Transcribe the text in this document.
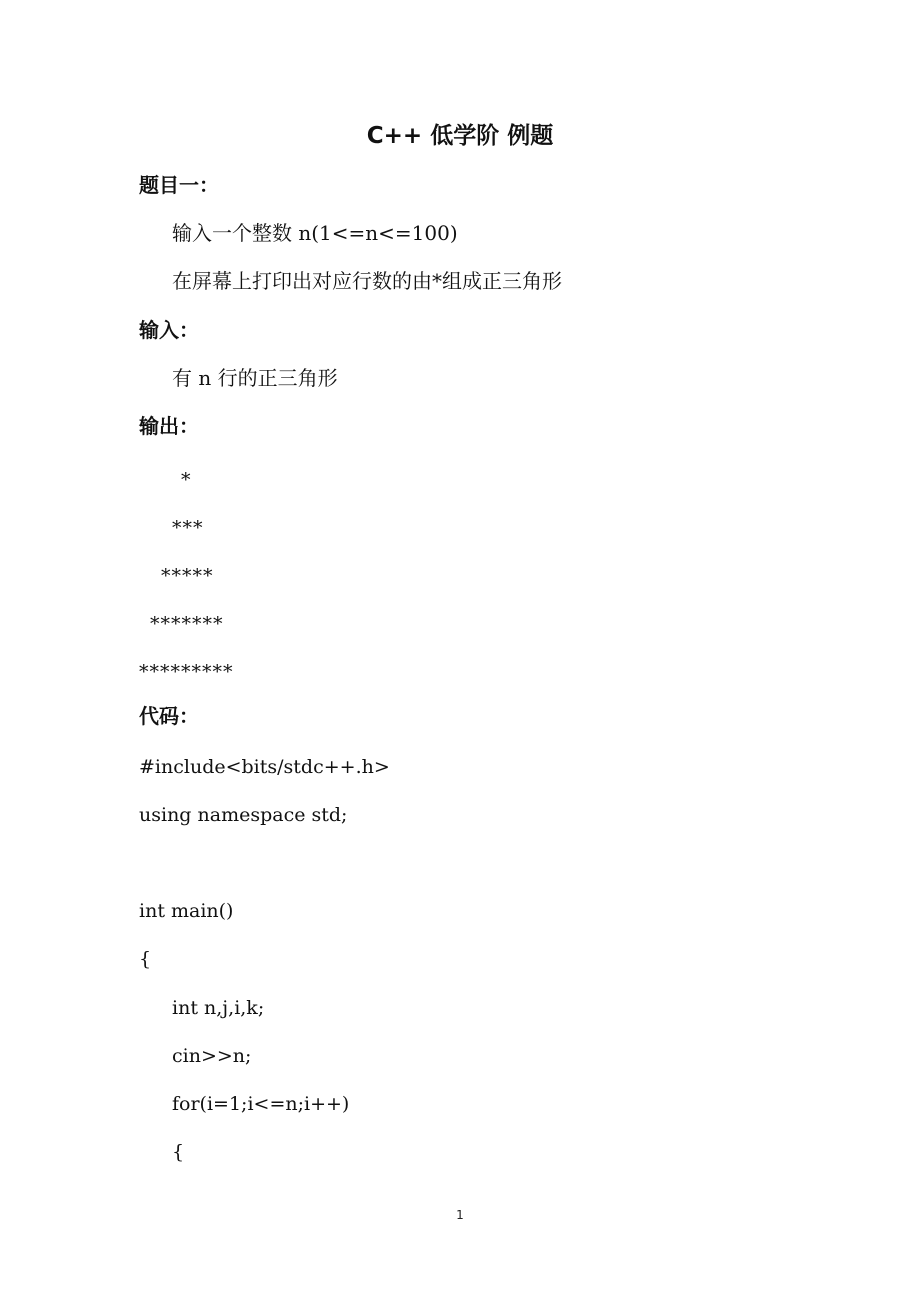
C++ 低学阶 例题
题目一：
输入一个整数 n(1<=n<=100)
在屏幕上打印出对应行数的由*组成正三角形
输入：
有 n 行的正三角形
输出：
*
***
*****
*******
*********
代码：
#include<bits/stdc++.h>
using namespace std;
int main()
{
int n,j,i,k;
cin>>n;
for(i=1;i<=n;i++)
{
1
